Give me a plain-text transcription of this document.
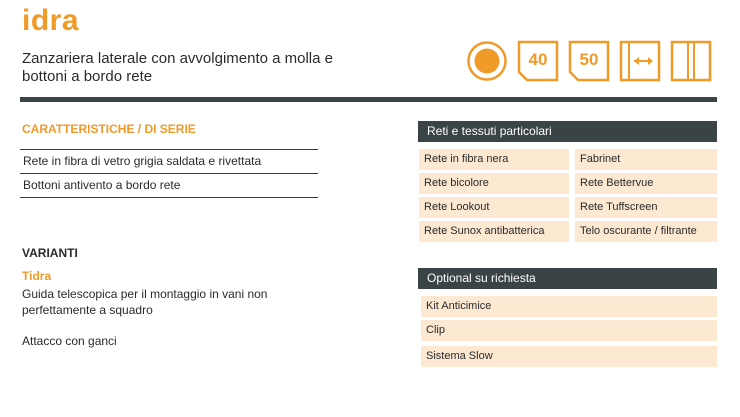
idra
Zanzariera laterale con avvolgimento a molla e bottoni a bordo rete
40	50
CARATTERISTICHE / DI SERIE
Rete in fibra di vetro grigia saldata e rivettata
Bottoni antivento a bordo rete
VARIANTI
Tidra
Guida telescopica per il montaggio in vani non perfettamente a squadro
Attacco con ganci
Reti e tessuti particolari
Rete in fibra nera	Fabrinet
Rete bicolore	Rete Bettervue
Rete Lookout	Rete Tuffscreen
Rete Sunox antibatterica	Telo oscurante / filtrante
Optional su richiesta
Kit Anticimice
Clip
Sistema Slow
